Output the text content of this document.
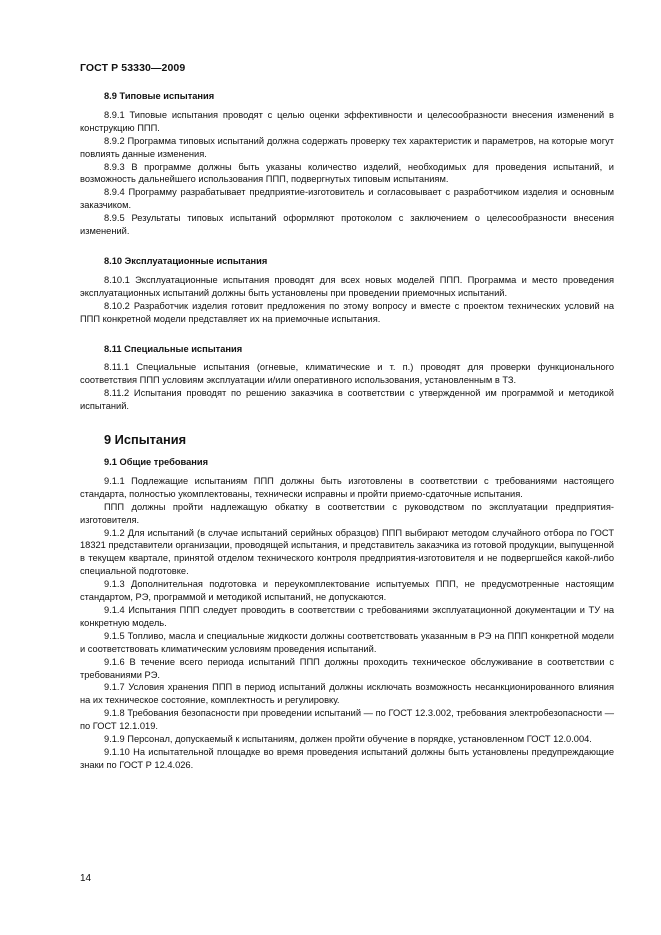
ГОСТ Р 53330—2009
8.9 Типовые испытания

8.9.1 Типовые испытания проводят с целью оценки эффективности и целесообразности внесения изменений в конструкцию ППП.

8.9.2 Программа типовых испытаний должна содержать проверку тех характеристик и параметров, на которые могут повлиять данные изменения.

8.9.3 В программе должны быть указаны количество изделий, необходимых для проведения испытаний, и возможность дальнейшего использования ППП, подвергнутых типовым испытаниям.

8.9.4 Программу разрабатывает предприятие-изготовитель и согласовывает с разработчиком изделия и основным заказчиком.

8.9.5 Результаты типовых испытаний оформляют протоколом с заключением о целесообразности внесения изменений.

8.10 Эксплуатационные испытания

8.10.1 Эксплуатационные испытания проводят для всех новых моделей ППП. Программа и место проведения эксплуатационных испытаний должны быть установлены при проведении приемочных испытаний.

8.10.2 Разработчик изделия готовит предложения по этому вопросу и вместе с проектом технических условий на ППП конкретной модели представляет их на приемочные испытания.

8.11 Специальные испытания

8.11.1 Специальные испытания (огневые, климатические и т. п.) проводят для проверки функционального соответствия ППП условиям эксплуатации и/или оперативного использования, установленным в ТЗ.

8.11.2 Испытания проводят по решению заказчика в соответствии с утвержденной им программой и методикой испытаний.

9 Испытания
9.1 Общие требования

9.1.1 Подлежащие испытаниям ППП должны быть изготовлены в соответствии с требованиями настоящего стандарта, полностью укомплектованы, технически исправны и пройти приемо-сдаточные испытания.

ППП должны пройти надлежащую обкатку в соответствии с руководством по эксплуатации предприятия-изготовителя.

9.1.2 Для испытаний (в случае испытаний серийных образцов) ППП выбирают методом случайного отбора по ГОСТ 18321 представители организации, проводящей испытания, и представитель заказчика из готовой продукции, выпущенной в текущем квартале, принятой отделом технического контроля предприятия-изготовителя и не подвергшейся какой-либо специальной подготовке.

9.1.3 Дополнительная подготовка и переукомплектование испытуемых ППП, не предусмотренные настоящим стандартом, РЭ, программой и методикой испытаний, не допускаются.

9.1.4 Испытания ППП следует проводить в соответствии с требованиями эксплуатационной документации и ТУ на конкретную модель.

9.1.5 Топливо, масла и специальные жидкости должны соответствовать указанным в РЭ на ППП конкретной модели и соответствовать климатическим условиям проведения испытаний.

9.1.6 В течение всего периода испытаний ППП должны проходить техническое обслуживание в соответствии с требованиями РЭ.

9.1.7 Условия хранения ППП в период испытаний должны исключать возможность несанкционированного влияния на их техническое состояние, комплектность и регулировку.

9.1.8 Требования безопасности при проведении испытаний — по ГОСТ 12.3.002, требования электробезопасности — по ГОСТ 12.1.019.

9.1.9 Персонал, допускаемый к испытаниям, должен пройти обучение в порядке, установленном ГОСТ 12.0.004.

9.1.10 На испытательной площадке во время проведения испытаний должны быть установлены предупреждающие знаки по ГОСТ Р 12.4.026.

14
